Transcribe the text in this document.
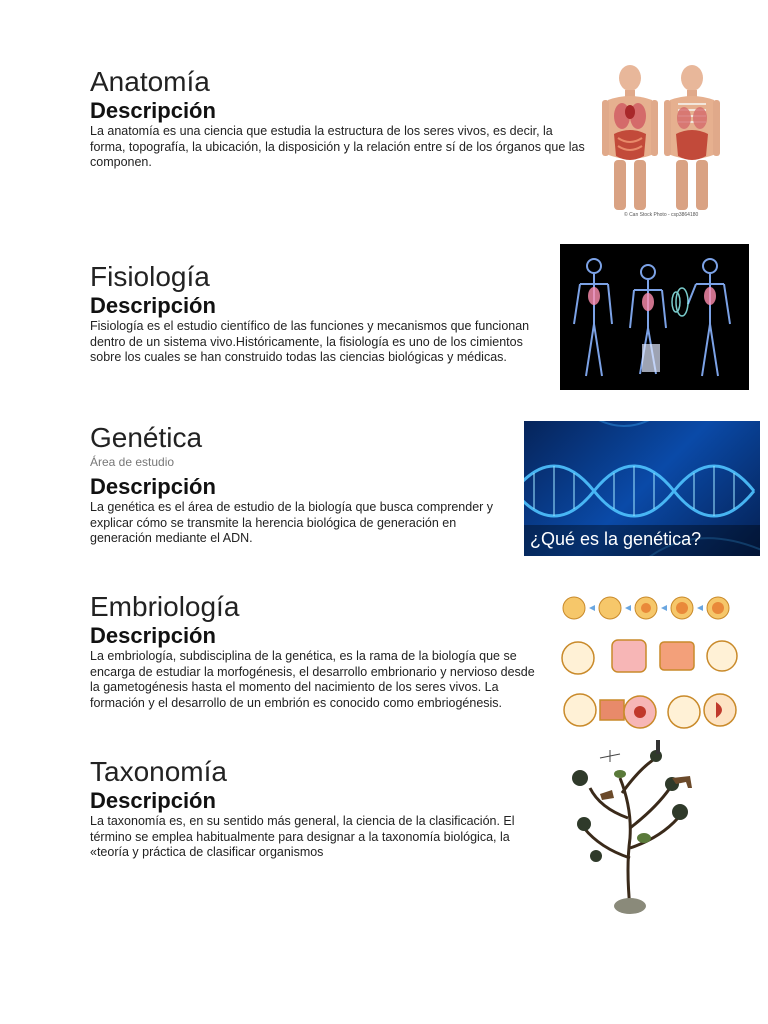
Anatomía
Descripción

La anatomía es una ciencia que estudia la estructura de los seres vivos, es decir, la forma, topografía, la ubicación, la disposición y la relación entre sí de los órganos que las componen.

© Can Stock Photo - csp3864180
Fisiología
Descripción

Fisiología es el estudio científico de las funciones y mecanismos que funcionan dentro de un sistema vivo.Históricamente, la fisiología es uno de los cimientos sobre los cuales se han construido todas las ciencias biológicas y médicas.

Genética

Área de estudio

Descripción

La genética es el área de estudio de la biología que busca comprender y explicar cómo se transmite la herencia biológica de generación en generación mediante el ADN.	¿Qué es la genética?
Embriología
Descripción

La embriología, subdisciplina de la genética, es la rama de la biología que se encarga de estudiar la morfogénesis, el desarrollo embrionario y nervioso desde la gametogénesis hasta el momento del nacimiento de los seres vivos. La formación y el desarrollo de un embrión es conocido como embriogénesis.

Taxonomía
Descripción

La taxonomía es, en su sentido más general, la ciencia de la clasificación. El término se emplea habitualmente para designar a la taxonomía biológica, la «teoría y práctica de clasificar organismos
